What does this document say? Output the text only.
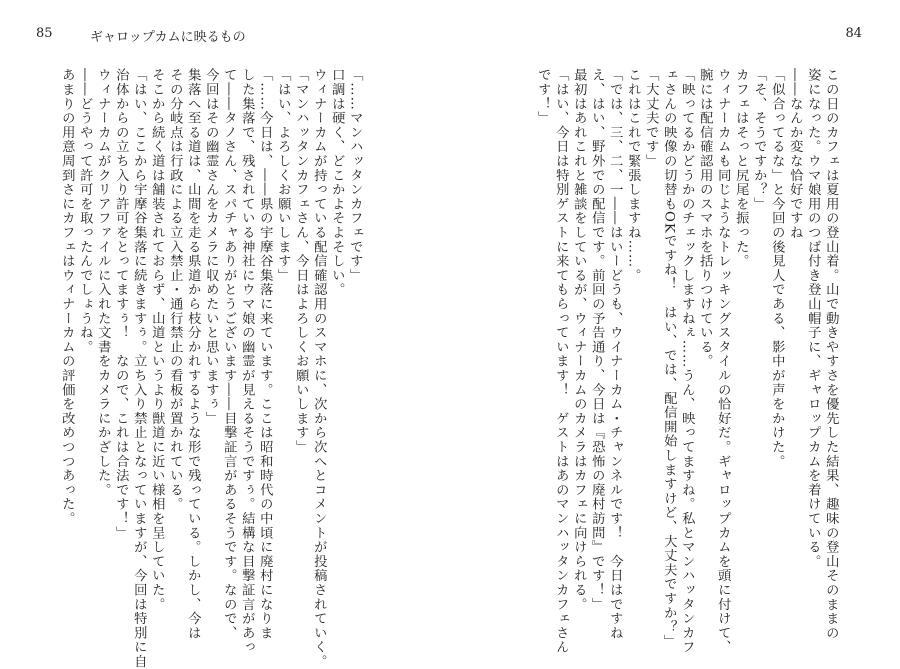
85	ギャロップカムに映るもの
「……マンハッタンカフェです」
口調は硬く、どこかよそよそしい。
ウィナーカムが持っている配信確認用のスマホに、次から次へとコメントが投稿されていく。
「マンハッタンカフェさん、今日はよろしくお願いします」
「はい、よろしくお願いします」
「……今日は、――県の宇摩谷集落に来ています。ここは昭和時代の中頃に廃村になりま
した集落で、残されている神社にウマ娘の幽霊が見えるそうですぅ。結構な目撃証言があっ
て――タノさん、スパチャありがとうございます――目撃証言があるそうです。なので、
今回はその幽霊さんをカメラに収めたいと思いますぅ」
集落へ至る道は、山間を走る県道から枝分かれするような形で残っている。しかし、今は
その分岐点は行政による立入禁止・通行禁止の看板が置かれている。
そこから続く道は舗装されておらず、山道というより獣道に近い様相を呈していた。
「はい、ここから宇摩谷集落に続きますぅ。立ち入り禁止となっていますが、今回は特別に自
治体からの立ち入り許可をとってますぅ！　なので、これは合法です！」
ウィナーカムがクリアファイルに入れた文書をカメラにかざした。
――どうやって許可を取ったんでしょうね。
あまりの用意周到さにカフェはウィナーカムの評価を改めつつあった。
84
この日のカフェは夏用の登山着。山で動きやすさを優先した結果、趣味の登山そのままの
姿になった。ウマ娘用のつば付き登山帽子に、ギャロップカムを着けている。
――なんか変な恰好ですね
「似合ってるな」と今回の後見人である、影中が声をかけた。
「そ、そうですか？」
カフェはそっと尻尾を振った。
ウィナーカムも同じようなトレッキングスタイルの恰好だ。ギャロップカムを頭に付けて、
腕には配信確認用のスマホを括りつけている。
「映ってるかどうかのチェックしますねぇ……うん、映ってますね。私とマンハッタンカフ
ェさんの映像の切替もOKですね！　はい、では、配信開始しますけど、大丈夫ですか？」
「大丈夫です」
これはこれで緊張しますね……。
「では、三、二、一――はいーどうも、ウイナーカム・チャンネルです！　今日はですね
え、はい、野外での配信です。前回の予告通り、今日は『恐怖の廃村訪問』です！」
最初はあれこれと雑談をしているが、ウィナーカムのカメラはカフェに向けられる。
「はい、今日は特別ゲストに来てもらっています！　ゲストはあのマンハッタンカフェさん
です！」
